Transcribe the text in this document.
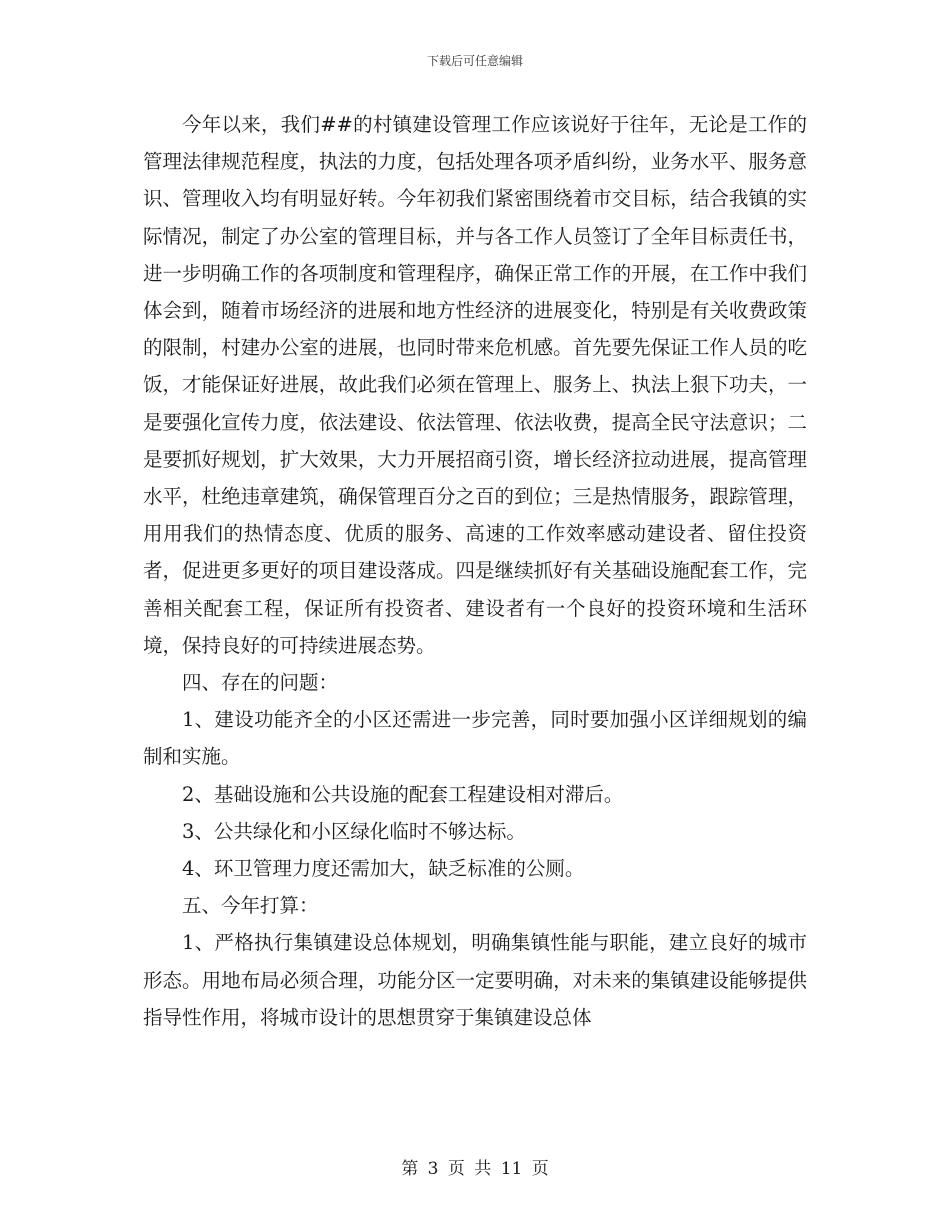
下载后可任意编辑

今年以来，我们##的村镇建设管理工作应该说好于往年，无论是工作的管理法律规范程度，执法的力度，包括处理各项矛盾纠纷，业务水平、服务意识、管理收入均有明显好转。今年初我们紧密围绕着市交目标，结合我镇的实际情况，制定了办公室的管理目标，并与各工作人员签订了全年目标责任书，进一步明确工作的各项制度和管理程序，确保正常工作的开展，在工作中我们体会到，随着市场经济的进展和地方性经济的进展变化，特别是有关收费政策的限制，村建办公室的进展，也同时带来危机感。首先要先保证工作人员的吃饭，才能保证好进展，故此我们必须在管理上、服务上、执法上狠下功夫，一是要强化宣传力度，依法建设、依法管理、依法收费，提高全民守法意识；二是要抓好规划，扩大效果，大力开展招商引资，增长经济拉动进展，提高管理水平，杜绝违章建筑，确保管理百分之百的到位；三是热情服务，跟踪管理，用用我们的热情态度、优质的服务、高速的工作效率感动建设者、留住投资者，促进更多更好的项目建设落成。四是继续抓好有关基础设施配套工作，完善相关配套工程，保证所有投资者、建设者有一个良好的投资环境和生活环境，保持良好的可持续进展态势。

四、存在的问题：

1、建设功能齐全的小区还需进一步完善，同时要加强小区详细规划的编制和实施。

2、基础设施和公共设施的配套工程建设相对滞后。

3、公共绿化和小区绿化临时不够达标。

4、环卫管理力度还需加大，缺乏标准的公厕。

五、今年打算：

1、严格执行集镇建设总体规划，明确集镇性能与职能，建立良好的城市形态。用地布局必须合理，功能分区一定要明确，对未来的集镇建设能够提供指导性作用，将城市设计的思想贯穿于集镇建设总体

第 3 页 共 11 页
